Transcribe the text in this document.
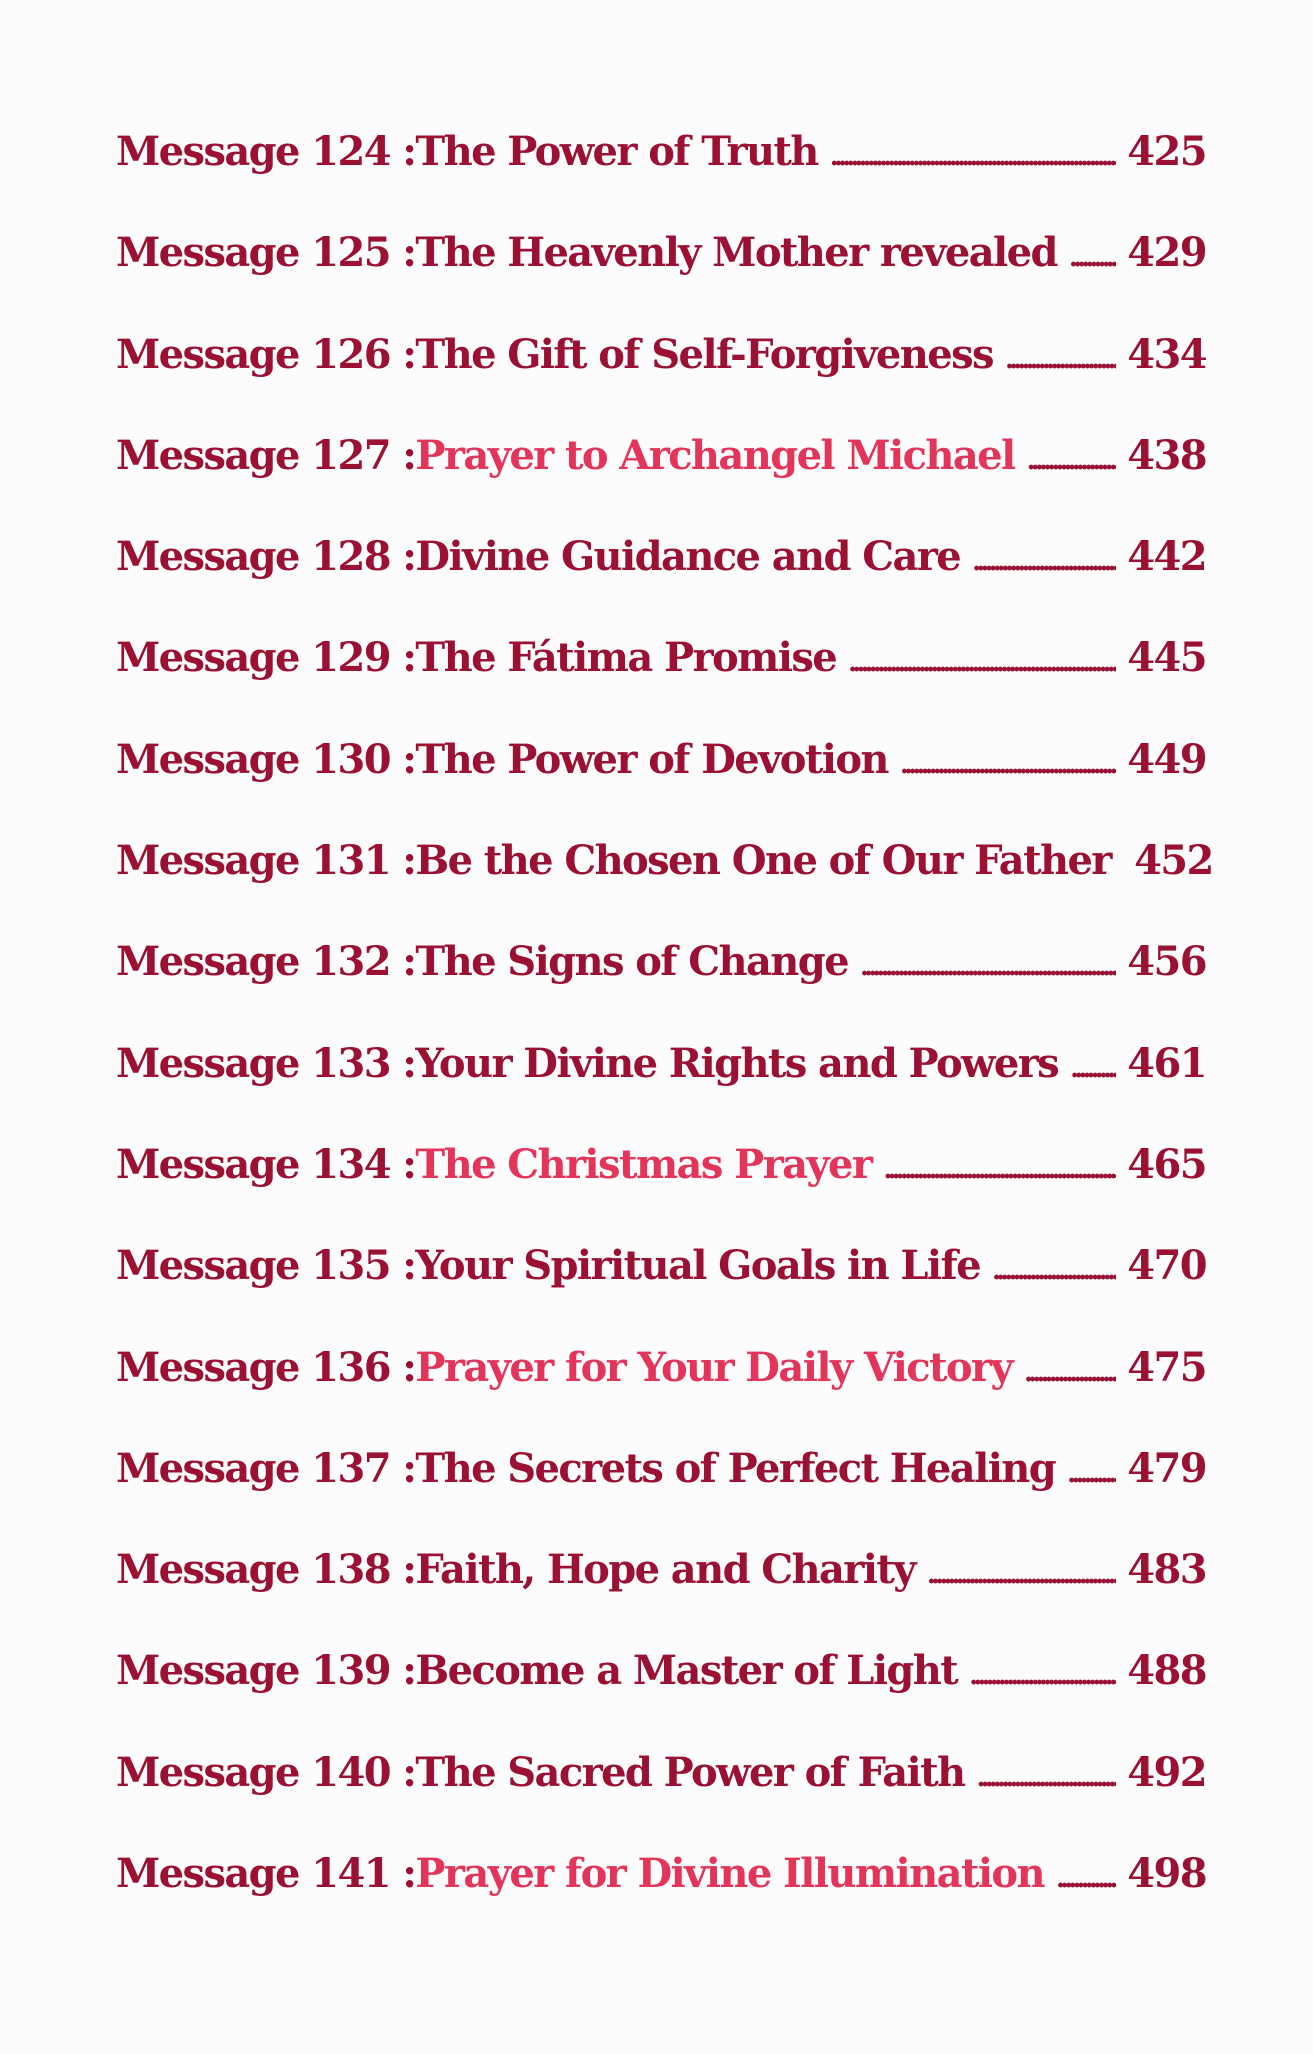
Message 124 : The Power of Truth . . .	425
Message 125 : The Heavenly Mother revealed . . . 429
Message 126 : The Gift of Self-Forgiveness . . .	434
Message 127 : Prayer to Archangel Michael . . .	438
Message 128 : Divine Guidance and Care . . .	442
Message 129 : The Fátima Promise . . .	445
Message 130 : The Power of Devotion . . .	449
Message 131 : Be the Chosen One of Our Father 452
Message 132 : The Signs of Change . . .	456
Message 133 : Your Divine Rights and Powers . . . 461
Message 134 : The Christmas Prayer . . .	465
Message 135 : Your Spiritual Goals in Life . . .	470
Message 136 : Prayer for Your Daily Victory . . .	475
Message 137 : The Secrets of Perfect Healing . . . 479
Message 138 : Faith, Hope and Charity . . .	483
Message 139 : Become a Master of Light . . .	488
Message 140 : The Sacred Power of Faith . . .	492
Message 141 : Prayer for Divine Illumination . . . 498
